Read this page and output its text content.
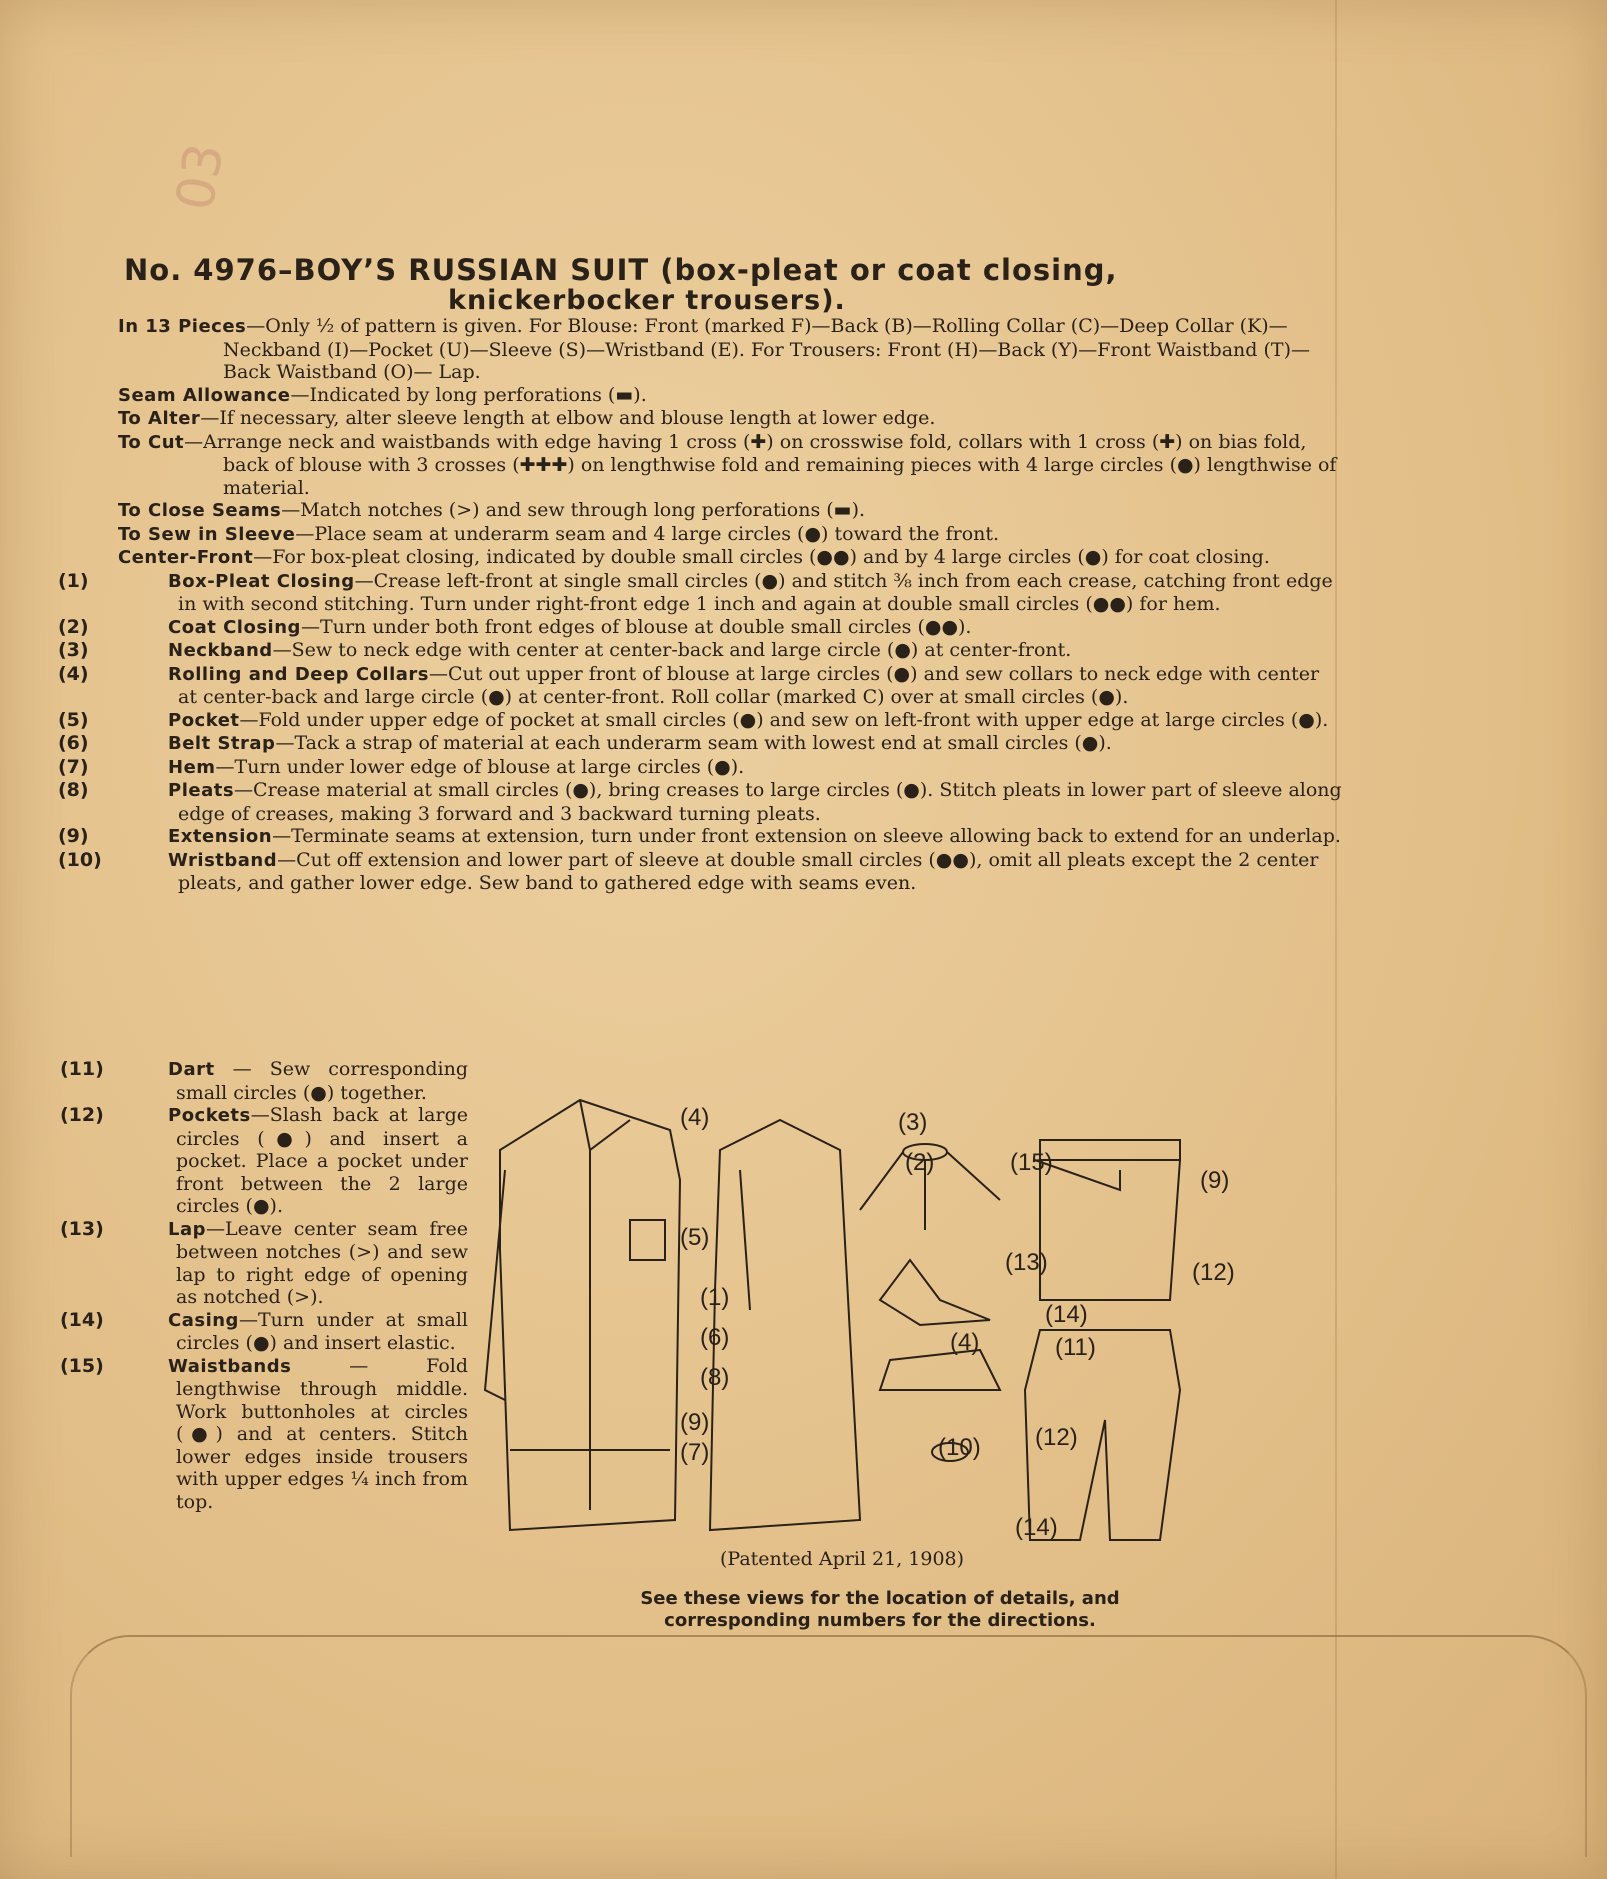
03
No. 4976–BOY’S RUSSIAN SUIT (box-pleat or coat closing,
knickerbocker trousers).

In 13 Pieces—Only ½ of pattern is given. For Blouse: Front (marked F)—Back (B)—Rolling Collar (C)—Deep Collar (K)—Neckband (I)—Pocket (U)—Sleeve (S)—Wristband (E). For Trousers: Front (H)—Back (Y)—Front Waistband (T)—Back Waistband (O)— Lap.

Seam Allowance—Indicated by long perforations (▬).

To Alter—If necessary, alter sleeve length at elbow and blouse length at lower edge.

To Cut—Arrange neck and waistbands with edge having 1 cross (✚) on crosswise fold, collars with 1 cross (✚) on bias fold, back of blouse with 3 crosses (✚✚✚) on lengthwise fold and remaining pieces with 4 large circles (●) lengthwise of material.

To Close Seams—Match notches (>) and sew through long perforations (▬).

To Sew in Sleeve—Place seam at underarm seam and 4 large circles (●) toward the front.

Center-Front—For box-pleat closing, indicated by double small circles (●●) and by 4 large circles (●) for coat closing.

(1)	Box-Pleat Closing—Crease left-front at single small circles (●) and stitch ⅜ inch from each crease, catching front edge in with second stitching. Turn under right-front edge 1 inch and again at double small circles (●●) for hem.

(2)	Coat Closing—Turn under both front edges of blouse at double small circles (●●).

(3)	Neckband—Sew to neck edge with center at center-back and large circle (●) at center-front.

(4)	Rolling and Deep Collars—Cut out upper front of blouse at large circles (●) and sew collars to neck edge with center at center-back and large circle (●) at center-front. Roll collar (marked C) over at small circles (●).

(5)	Pocket—Fold under upper edge of pocket at small circles (●) and sew on left-front with upper edge at large circles (●).

(6)	Belt Strap—Tack a strap of material at each underarm seam with lowest end at small circles (●).

(7)	Hem—Turn under lower edge of blouse at large circles (●).

(8)	Pleats—Crease material at small circles (●), bring creases to large circles (●). Stitch pleats in lower part of sleeve along edge of creases, making 3 forward and 3 backward turning pleats.

(9)	Extension—Terminate seams at extension, turn under front extension on sleeve allowing back to extend for an underlap.

(10)	Wristband—Cut off extension and lower part of sleeve at double small circles (●●), omit all pleats except the 2 center pleats, and gather lower edge. Sew band to gathered edge with seams even.

(11)	Dart — Sew corresponding small circles (●) together.

(12)	Pockets—Slash back at large circles (●) and insert a pocket. Place a pocket under front between the 2 large circles (●).

(13)	Lap—Leave center seam free between notches (>) and sew lap to right edge of opening as notched (>).

(14)	Casing—Turn under at small circles (●) and insert elastic.

(15)	Waistbands — Fold lengthwise through middle. Work buttonholes at circles (●) and at centers. Stitch lower edges inside trousers with upper edges ¼ inch from top.

(4)
(5)
(1)
(6)
(8)
(9)
(7)
(3)
(2)	(15)
(9)
(13)	(12)
(14)
(4)	(11)
(10) (12)
(14)
(Patented April 21, 1908)
See these views for the location of details, and corresponding numbers for the directions.
